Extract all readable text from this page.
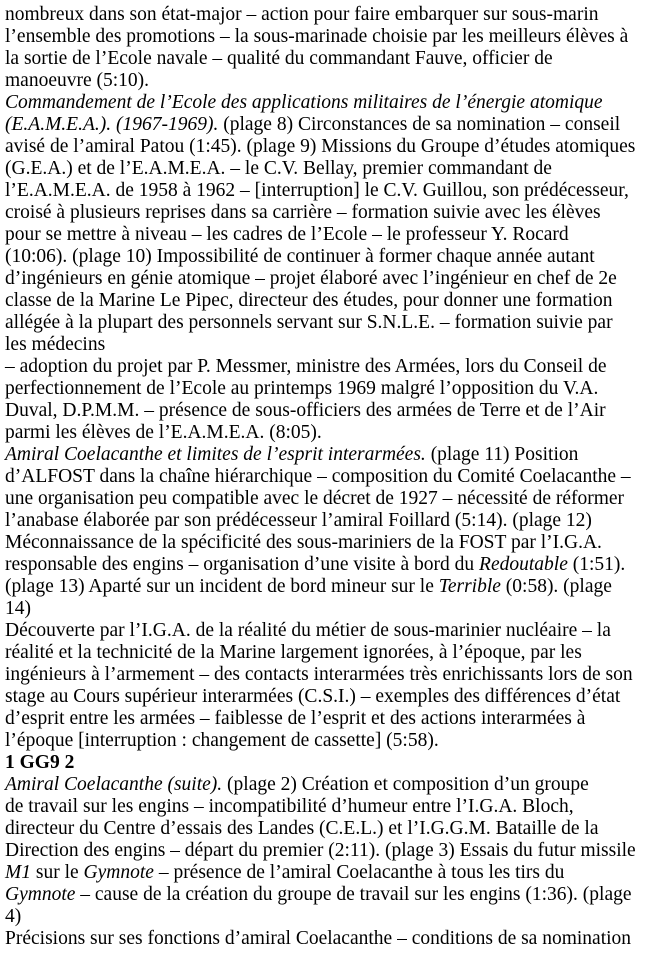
nombreux dans son état-major – action pour faire embarquer sur sous-marin
l’ensemble des promotions – la sous-marinade choisie par les meilleurs élèves à
la sortie de l’Ecole navale – qualité du commandant Fauve, officier de
manoeuvre (5:10).
Commandement de l’Ecole des applications militaires de l’énergie atomique
(E.A.M.E.A.). (1967-1969). (plage 8) Circonstances de sa nomination – conseil
avisé de l’amiral Patou (1:45). (plage 9) Missions du Groupe d’études atomiques
(G.E.A.) et de l’E.A.M.E.A. – le C.V. Bellay, premier commandant de
l’E.A.M.E.A. de 1958 à 1962 – [interruption] le C.V. Guillou, son prédécesseur,
croisé à plusieurs reprises dans sa carrière – formation suivie avec les élèves
pour se mettre à niveau – les cadres de l’Ecole – le professeur Y. Rocard
(10:06). (plage 10) Impossibilité de continuer à former chaque année autant
d’ingénieurs en génie atomique – projet élaboré avec l’ingénieur en chef de 2e
classe de la Marine Le Pipec, directeur des études, pour donner une formation
allégée à la plupart des personnels servant sur S.N.L.E. – formation suivie par
les médecins
– adoption du projet par P. Messmer, ministre des Armées, lors du Conseil de
perfectionnement de l’Ecole au printemps 1969 malgré l’opposition du V.A.
Duval, D.P.M.M. – présence de sous-officiers des armées de Terre et de l’Air
parmi les élèves de l’E.A.M.E.A. (8:05).
Amiral Coelacanthe et limites de l’esprit interarmées. (plage 11) Position
d’ALFOST dans la chaîne hiérarchique – composition du Comité Coelacanthe –
une organisation peu compatible avec le décret de 1927 – nécessité de réformer
l’anabase élaborée par son prédécesseur l’amiral Foillard (5:14). (plage 12)
Méconnaissance de la spécificité des sous-mariniers de la FOST par l’I.G.A.
responsable des engins – organisation d’une visite à bord du Redoutable (1:51).
(plage 13) Aparté sur un incident de bord mineur sur le Terrible (0:58). (plage
14)
Découverte par l’I.G.A. de la réalité du métier de sous-marinier nucléaire – la
réalité et la technicité de la Marine largement ignorées, à l’époque, par les
ingénieurs à l’armement – des contacts interarmées très enrichissants lors de son
stage au Cours supérieur interarmées (C.S.I.) – exemples des différences d’état
d’esprit entre les armées – faiblesse de l’esprit et des actions interarmées à
l’époque [interruption : changement de cassette] (5:58).
1 GG9 2
Amiral Coelacanthe (suite). (plage 2) Création et composition d’un groupe
de travail sur les engins – incompatibilité d’humeur entre l’I.G.A. Bloch,
directeur du Centre d’essais des Landes (C.E.L.) et l’I.G.G.M. Bataille de la
Direction des engins – départ du premier (2:11). (plage 3) Essais du futur missile
M1 sur le Gymnote – présence de l’amiral Coelacanthe à tous les tirs du
Gymnote – cause de la création du groupe de travail sur les engins (1:36). (plage
4)
Précisions sur ses fonctions d’amiral Coelacanthe – conditions de sa nomination
